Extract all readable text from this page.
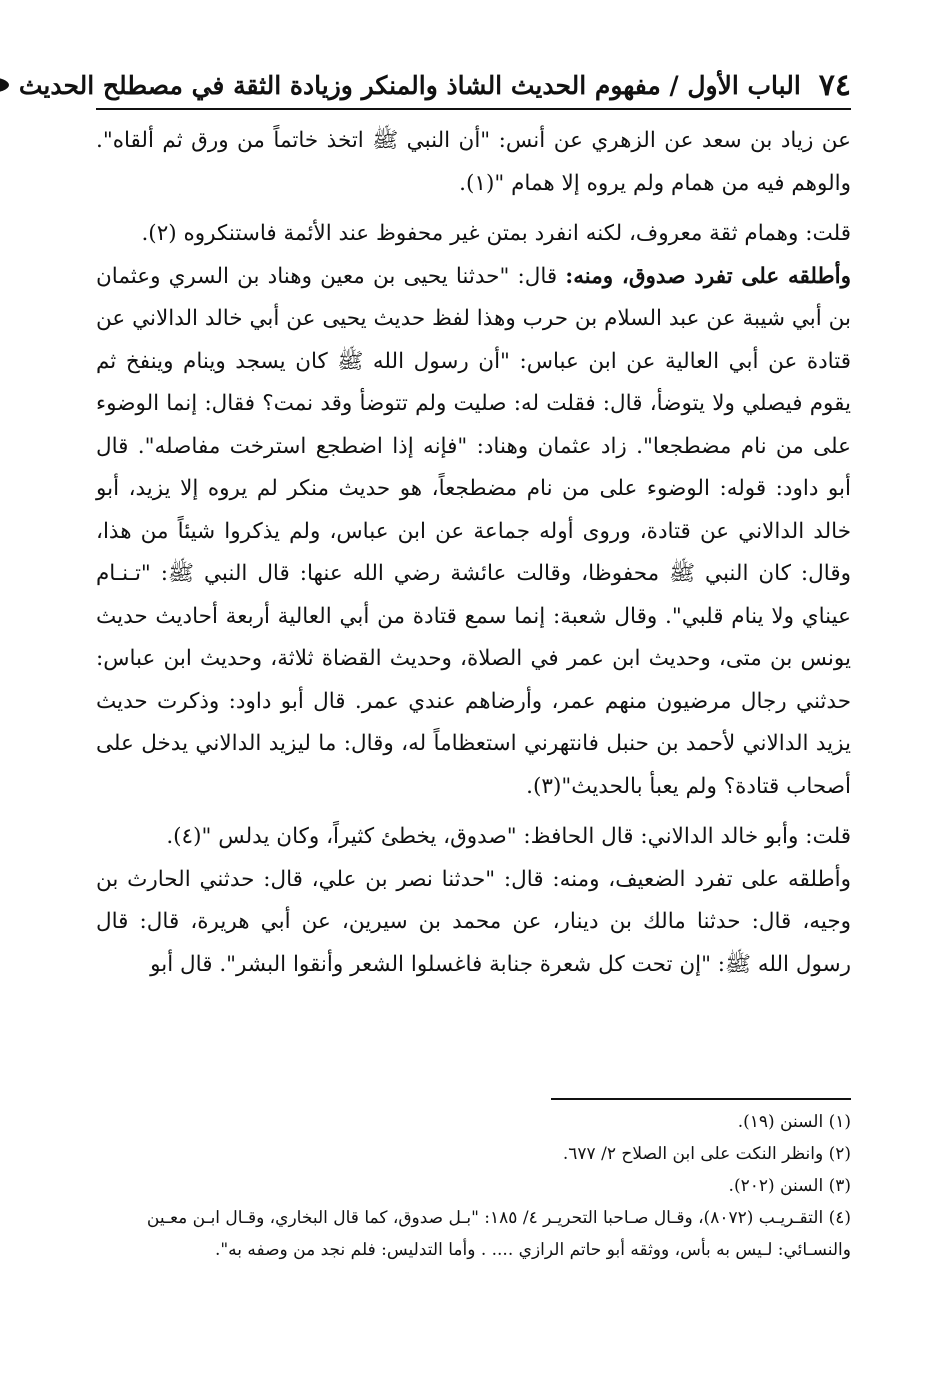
٧٤
الباب الأول / مفهوم الحديث الشاذ والمنكر وزيادة الثقة في مصطلح الحديث

عن زياد بن سعد عن الزهري عن أنس: "أن النبي ﷺ اتخذ خاتماً من ورق ثم ألقاه". والوهم فيه من همام ولم يروه إلا همام "(١).

قلت: وهمام ثقة معروف، لكنه انفرد بمتن غير محفوظ عند الأئمة فاستنكروه (٢).

وأطلقه على تفرد صدوق، ومنه: قال: "حدثنا يحيى بن معين وهناد بن السري وعثمان بن أبي شيبة عن عبد السلام بن حرب وهذا لفظ حديث يحيى عن أبي خالد الدالاني عن قتادة عن أبي العالية عن ابن عباس: "أن رسول الله ﷺ كان يسجد وينام وينفخ ثم يقوم فيصلي ولا يتوضأ، قال: فقلت له: صليت ولم تتوضأ وقد نمت؟ فقال: إنما الوضوء على من نام مضطجعا". زاد عثمان وهناد: "فإنه إذا اضطجع استرخت مفاصله". قال أبو داود: قوله: الوضوء على من نام مضطجعاً، هو حديث منكر لم يروه إلا يزيد، أبو خالد الدالاني عن قتادة، وروى أوله جماعة عن ابن عباس، ولم يذكروا شيئاً من هذا، وقال: كان النبي ﷺ محفوظا، وقالت عائشة رضي الله عنها: قال النبي ﷺ: "تـنـام عيناي ولا ينام قلبي". وقال شعبة: إنما سمع قتادة من أبي العالية أربعة أحاديث حديث يونس بن متى، وحديث ابن عمر في الصلاة، وحديث القضاة ثلاثة، وحديث ابن عباس: حدثني رجال مرضيون منهم عمر، وأرضاهم عندي عمر. قال أبو داود: وذكرت حديث يزيد الدالاني لأحمد بن حنبل فانتهرني استعظاماً له، وقال: ما ليزيد الدالاني يدخل على أصحاب قتادة؟ ولم يعبأ بالحديث"(٣).

قلت: وأبو خالد الدالاني: قال الحافظ: "صدوق، يخطئ كثيراً، وكان يدلس "(٤).

وأطلقه على تفرد الضعيف، ومنه: قال: "حدثنا نصر بن علي، قال: حدثني الحارث بن وجيه، قال: حدثنا مالك بن دينار، عن محمد بن سيرين، عن أبي هريرة، قال: قال رسول الله ﷺ: "إن تحت كل شعرة جنابة فاغسلوا الشعر وأنقوا البشر". قال أبو

(١) السنن (١٩).

(٢) وانظر النكت على ابن الصلاح ٢/ ٦٧٧.

(٣) السنن (٢٠٢).

(٤) التقـريـب (٨٠٧٢)، وقـال صـاحبا التحريـر ٤/ ١٨٥: "بـل صدوق، كما قال البخاري، وقـال ابـن معـين والنسـائي: لـيس به بأس، ووثقه أبو حاتم الرازي .... . وأما التدليس: فلم نجد من وصفه به".
